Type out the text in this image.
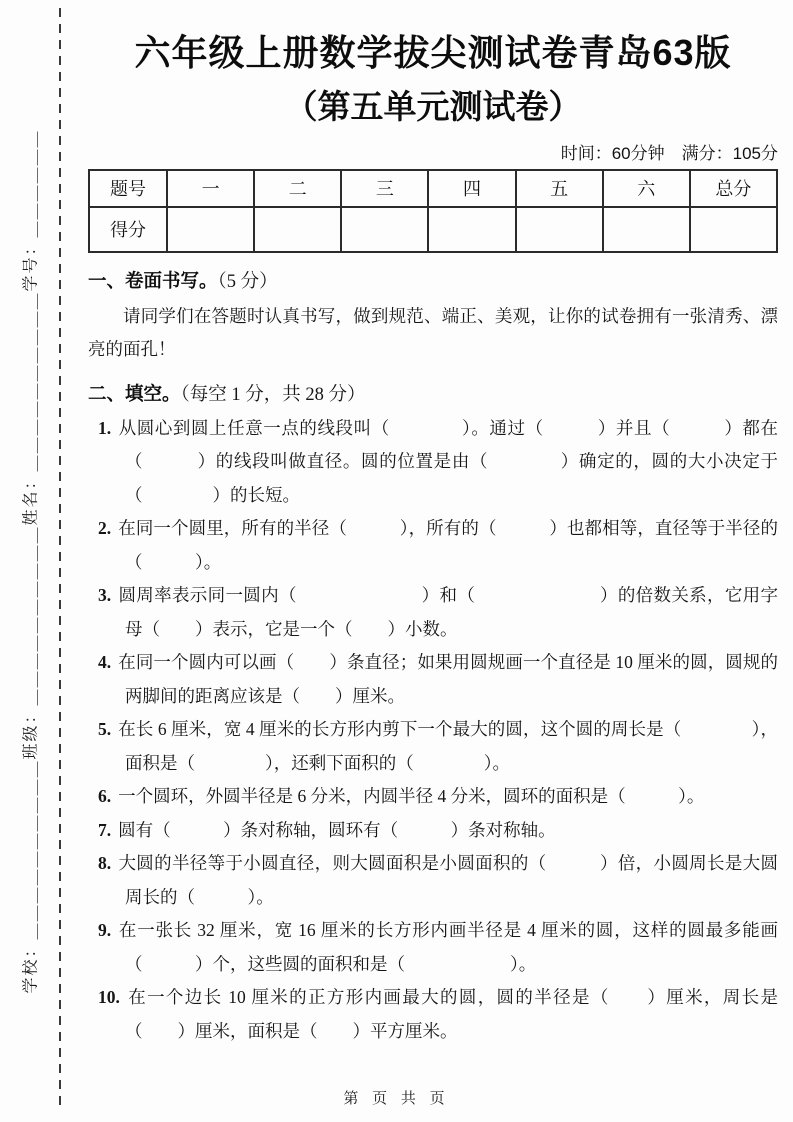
学校：＿＿＿＿＿＿＿＿＿＿班级：＿＿＿＿＿＿＿＿＿＿姓名：＿＿＿＿＿＿＿＿＿＿学号：＿＿＿＿＿＿
六年级上册数学拔尖测试卷青岛63版
（第五单元测试卷）
时间：60分钟　满分：105分
题号	一	二	三	四	五	六	总分
得分							
一、卷面书写。（5 分）

请同学们在答题时认真书写，做到规范、端正、美观，让你的试卷拥有一张清秀、漂亮的面孔！

二、填空。（每空 1 分，共 28 分）
1. 从圆心到圆上任意一点的线段叫（　　　　）。通过（　　　）并且（　　　）都在（　　　）的线段叫做直径。圆的位置是由（　　　　）确定的，圆的大小决定于（　　　　）的长短。
2. 在同一个圆里，所有的半径（　　　），所有的（　　　）也都相等，直径等于半径的（　　　）。
3. 圆周率表示同一圆内（　　　　　　　）和（　　　　　　　）的倍数关系，它用字母（　　）表示，它是一个（　　）小数。
4. 在同一个圆内可以画（　　）条直径；如果用圆规画一个直径是 10 厘米的圆，圆规的两脚间的距离应该是（　　）厘米。
5. 在长 6 厘米，宽 4 厘米的长方形内剪下一个最大的圆，这个圆的周长是（　　　　），面积是（　　　　），还剩下面积的（　　　　）。
6. 一个圆环，外圆半径是 6 分米，内圆半径 4 分米，圆环的面积是（　　　）。
7. 圆有（　　　）条对称轴，圆环有（　　　）条对称轴。
8. 大圆的半径等于小圆直径，则大圆面积是小圆面积的（　　　）倍，小圆周长是大圆周长的（　　　）。
9. 在一张长 32 厘米，宽 16 厘米的长方形内画半径是 4 厘米的圆，这样的圆最多能画（　　　）个，这些圆的面积和是（　　　　　　）。
10. 在一个边长 10 厘米的正方形内画最大的圆，圆的半径是（　　）厘米，周长是（　　）厘米，面积是（　　）平方厘米。
第 页 共 页
